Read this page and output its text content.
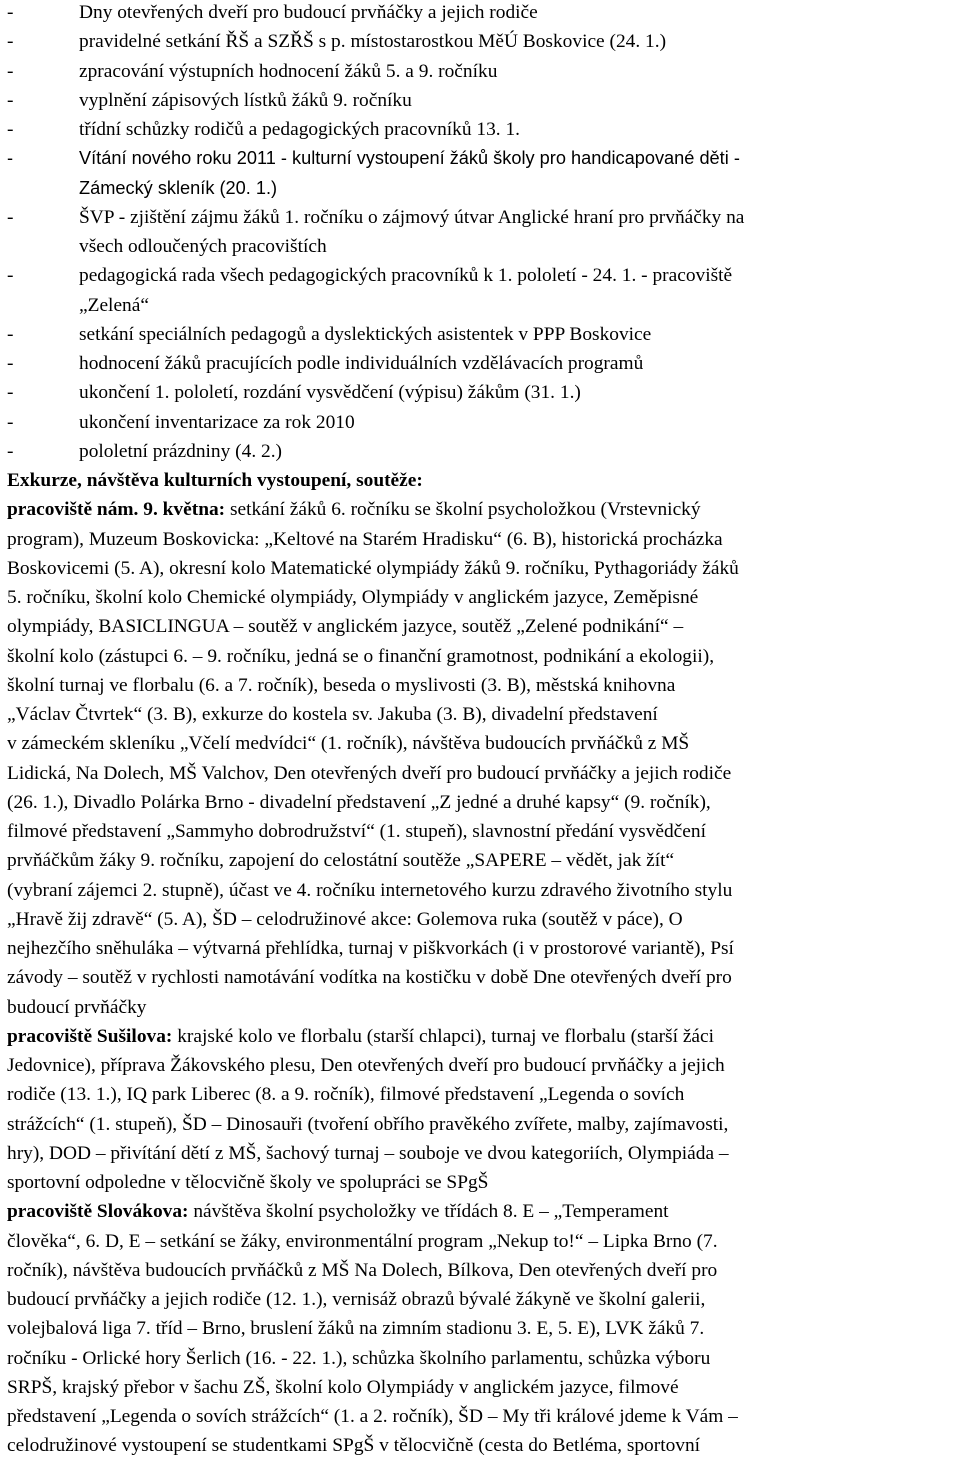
-	Dny otevřených dveří pro budoucí prvňáčky a jejich rodiče
-	pravidelné setkání ŘŠ a SZŘŠ s p. místostarostkou MěÚ Boskovice (24. 1.)
-	zpracování výstupních hodnocení žáků 5. a 9. ročníku
-	vyplnění zápisových lístků žáků 9. ročníku
-	třídní schůzky rodičů a pedagogických pracovníků 13. 1.
-	Vítání nového roku 2011 - kulturní vystoupení žáků školy pro handicapované děti -
Zámecký skleník (20. 1.)
-	ŠVP - zjištění zájmu žáků 1. ročníku o zájmový útvar Anglické hraní pro prvňáčky na
všech odloučených pracovištích
-	pedagogická rada všech pedagogických pracovníků k 1. pololetí - 24. 1. - pracoviště
„Zelená“
-	setkání speciálních pedagogů a dyslektických asistentek v PPP Boskovice
-	hodnocení žáků pracujících podle individuálních vzdělávacích programů
-	ukončení 1. pololetí, rozdání vysvědčení (výpisu) žákům (31. 1.)
-	ukončení inventarizace za rok 2010
-	pololetní prázdniny (4. 2.)
Exkurze, návštěva kulturních vystoupení, soutěže:
pracoviště nám. 9. května: setkání žáků 6. ročníku se školní psycholožkou (Vrstevnický
program), Muzeum Boskovicka: „Keltové na Starém Hradisku“ (6. B), historická procházka
Boskovicemi (5. A), okresní kolo Matematické olympiády žáků 9. ročníku, Pythagoriády žáků
5. ročníku, školní kolo Chemické olympiády, Olympiády v anglickém jazyce, Zeměpisné
olympiády, BASICLINGUA – soutěž v anglickém jazyce, soutěž „Zelené podnikání“ –
školní kolo (zástupci 6. – 9. ročníku, jedná se o finanční gramotnost, podnikání a ekologii),
školní turnaj ve florbalu (6. a 7. ročník), beseda o myslivosti (3. B), městská knihovna
„Václav Čtvrtek“ (3. B), exkurze do kostela sv. Jakuba (3. B), divadelní představení
v zámeckém skleníku „Včelí medvídci“ (1. ročník), návštěva budoucích prvňáčků z MŠ
Lidická, Na Dolech, MŠ Valchov, Den otevřených dveří pro budoucí prvňáčky a jejich rodiče
(26. 1.), Divadlo Polárka Brno - divadelní představení „Z jedné a druhé kapsy“ (9. ročník),
filmové představení „Sammyho dobrodružství“ (1. stupeň), slavnostní předání vysvědčení
prvňáčkům žáky 9. ročníku, zapojení do celostátní soutěže „SAPERE – vědět, jak žít“
(vybraní zájemci 2. stupně), účast ve 4. ročníku internetového kurzu zdravého životního stylu
„Hravě žij zdravě“ (5. A), ŠD – celodružinové akce: Golemova ruka (soutěž v páce), O
nejhezčího sněhuláka – výtvarná přehlídka, turnaj v piškvorkách (i v prostorové variantě), Psí
závody – soutěž v rychlosti namotávání vodítka na kostičku v době Dne otevřených dveří pro
budoucí prvňáčky
pracoviště Sušilova: krajské kolo ve florbalu (starší chlapci), turnaj ve florbalu (starší žáci
Jedovnice), příprava Žákovského plesu, Den otevřených dveří pro budoucí prvňáčky a jejich
rodiče (13. 1.), IQ park Liberec (8. a 9. ročník), filmové představení „Legenda o sovích
strážcích“ (1. stupeň), ŠD – Dinosauři (tvoření obřího pravěkého zvířete, malby, zajímavosti,
hry), DOD – přivítání dětí z MŠ, šachový turnaj – souboje ve dvou kategoriích, Olympiáda –
sportovní odpoledne v tělocvičně školy ve spolupráci se SPgŠ
pracoviště Slovákova: návštěva školní psycholožky ve třídách 8. E – „Temperament
člověka“, 6. D, E – setkání se žáky, environmentální program „Nekup to!“ – Lipka Brno (7.
ročník), návštěva budoucích prvňáčků z MŠ Na Dolech, Bílkova, Den otevřených dveří pro
budoucí prvňáčky a jejich rodiče (12. 1.), vernisáž obrazů bývalé žákyně ve školní galerii,
volejbalová liga 7. tříd – Brno, bruslení žáků na zimním stadionu 3. E, 5. E), LVK žáků 7.
ročníku - Orlické hory Šerlich (16. - 22. 1.), schůzka školního parlamentu, schůzka výboru
SRPŠ, krajský přebor v šachu ZŠ, školní kolo Olympiády v anglickém jazyce, filmové
představení „Legenda o sovích strážcích“ (1. a 2. ročník), ŠD – My tři králové jdeme k Vám –
celodružinové vystoupení se studentkami SPgŠ v tělocvičně (cesta do Betléma, sportovní
